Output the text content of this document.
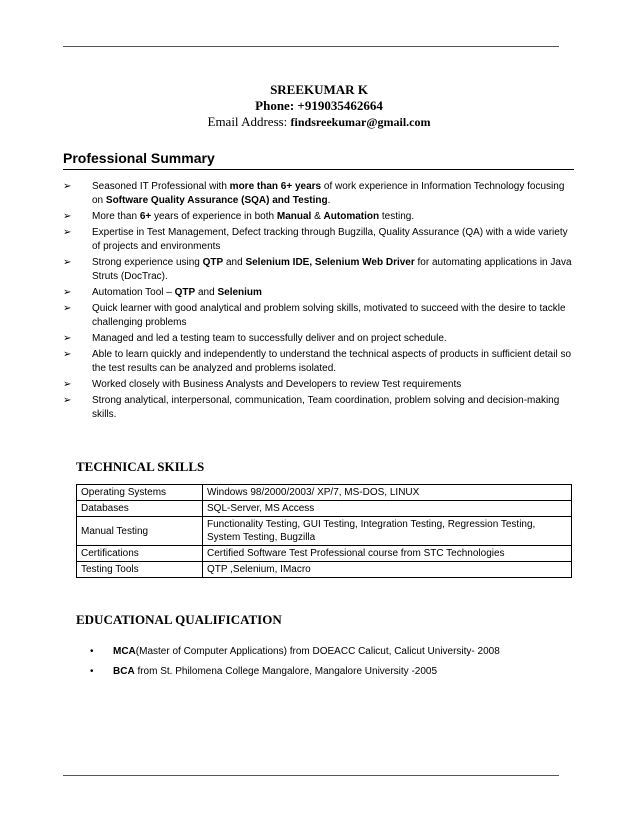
SREEKUMAR K
Phone: +919035462664
Email Address: findsreekumar@gmail.com
Professional Summary
➢ Seasoned IT Professional with more than 6+ years of work experience in Information Technology focusing on Software Quality Assurance (SQA) and Testing.
➢ More than 6+ years of experience in both Manual & Automation testing.
➢ Expertise in Test Management, Defect tracking through Bugzilla, Quality Assurance (QA) with a wide variety of projects and environments
➢ Strong experience using QTP and Selenium IDE, Selenium Web Driver for automating applications in Java Struts (DocTrac).
➢ Automation Tool – QTP and Selenium
➢ Quick learner with good analytical and problem solving skills, motivated to succeed with the desire to tackle challenging problems
➢ Managed and led a testing team to successfully deliver and on project schedule.
➢ Able to learn quickly and independently to understand the technical aspects of products in sufficient detail so the test results can be analyzed and problems isolated.
➢ Worked closely with Business Analysts and Developers to review Test requirements
➢ Strong analytical, interpersonal, communication, Team coordination, problem solving and decision-making skills.
TECHNICAL SKILLS
Operating Systems	Windows 98/2000/2003/ XP/7, MS-DOS, LINUX
Databases	SQL-Server, MS Access
Manual Testing	Functionality Testing, GUI Testing, Integration Testing, Regression Testing, System Testing, Bugzilla
Certifications	Certified Software Test Professional course from STC Technologies
Testing Tools	QTP ,Selenium, IMacro
EDUCATIONAL QUALIFICATION
• MCA(Master of Computer Applications) from DOEACC Calicut, Calicut University- 2008
• BCA from St. Philomena College Mangalore, Mangalore University -2005
